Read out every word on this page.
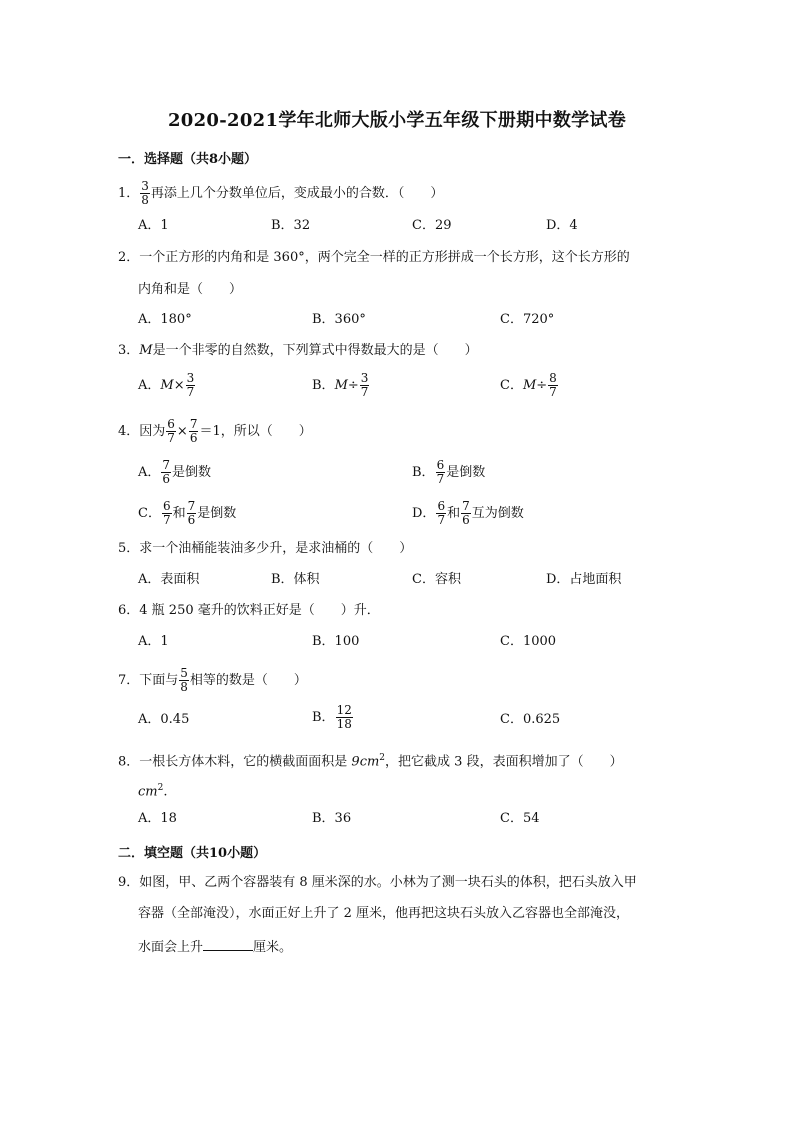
2020-2021学年北师大版小学五年级下册期中数学试卷
一．选择题（共8小题）
1． $\frac{3}{8}$ 再添上几个分数单位后，变成最小的合数．（　　）
A．1	B．32	C．29	D．4
2．一个正方形的内角和是 360°，两个完全一样的正方形拼成一个长方形，这个长方形的
内角和是（　　）
A．180°	B．360°	C．720°
3．M是一个非零的自然数，下列算式中得数最大的是（　　）
A．$M\times \frac{3}{7}$	B．$M\div \frac{3}{7}$	C．$M\div \frac{8}{7}$
4．因为 $\frac{6}{7} \times \frac{7}{6} =1$，所以（　　）
A． $\frac{7}{6}$ 是倒数	B． $\frac{6}{7}$ 是倒数
C． $\frac{6}{7}$ 和 $\frac{7}{6}$ 是倒数	D． $\frac{6}{7}$ 和 $\frac{7}{6}$ 互为倒数
5．求一个油桶能装油多少升，是求油桶的（　　）
A．表面积	B．体积	C．容积	D．占地面积
6．4 瓶 250 毫升的饮料正好是（　　）升．
A．1	B．100	C．1000
7．下面与 $\frac{5}{8}$ 相等的数是（　　）
A．0.45	B． $\frac{12}{18}$	C．0.625
8．一根长方体木料，它的横截面面积是 $9cm^2$，把它截成 3 段，表面积增加了（　　）
$cm^2$.
A．18	B．36	C．54
二．填空题（共10小题）
9．如图，甲、乙两个容器装有 8 厘米深的水。小林为了测一块石头的体积，把石头放入甲
容器（全部淹没），水面正好上升了 2 厘米，他再把这块石头放入乙容器也全部淹没，
水面会上升	厘米。
